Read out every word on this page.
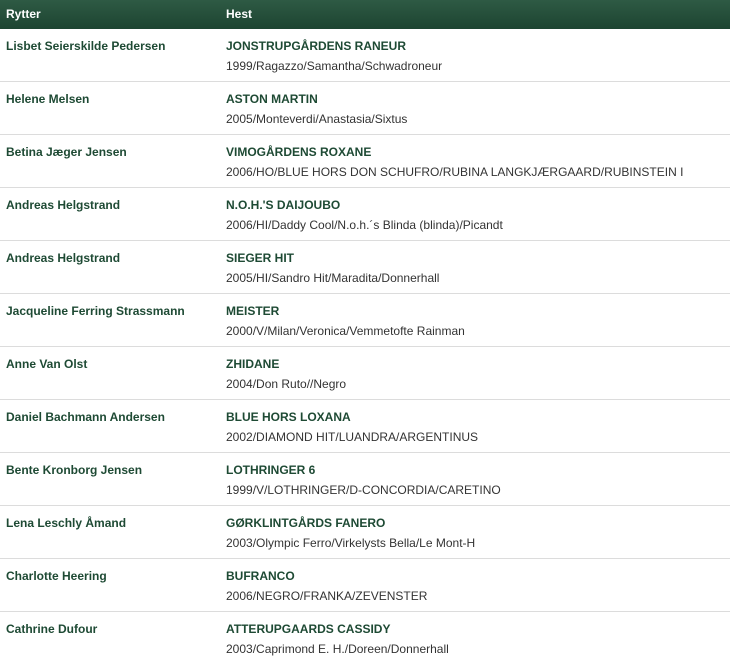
Rytter	Hest
Lisbet Seierskilde Pedersen	JONSTRUPGÅRDENS RANEUR
1999/Ragazzo/Samantha/Schwadroneur
Helene Melsen	ASTON MARTIN
2005/Monteverdi/Anastasia/Sixtus
Betina Jæger Jensen	VIMOGÅRDENS ROXANE
2006/HO/BLUE HORS DON SCHUFRO/RUBINA LANGKJÆRGAARD/RUBINSTEIN I
Andreas Helgstrand	N.O.H.'S DAIJOUBO
2006/HI/Daddy Cool/N.o.h.´s Blinda (blinda)/Picandt
Andreas Helgstrand	SIEGER HIT
2005/HI/Sandro Hit/Maradita/Donnerhall
Jacqueline Ferring Strassmann	MEISTER
2000/V/Milan/Veronica/Vemmetofte Rainman
Anne Van Olst	ZHIDANE
2004/Don Ruto//Negro
Daniel Bachmann Andersen	BLUE HORS LOXANA
2002/DIAMOND HIT/LUANDRA/ARGENTINUS
Bente Kronborg Jensen	LOTHRINGER 6
1999/V/LOTHRINGER/D-CONCORDIA/CARETINO
Lena Leschly Åmand	GØRKLINTGÅRDS FANERO
2003/Olympic Ferro/Virkelysts Bella/Le Mont-H
Charlotte Heering	BUFRANCO
2006/NEGRO/FRANKA/ZEVENSTER
Cathrine Dufour	ATTERUPGAARDS CASSIDY
2003/Caprimond E. H./Doreen/Donnerhall
